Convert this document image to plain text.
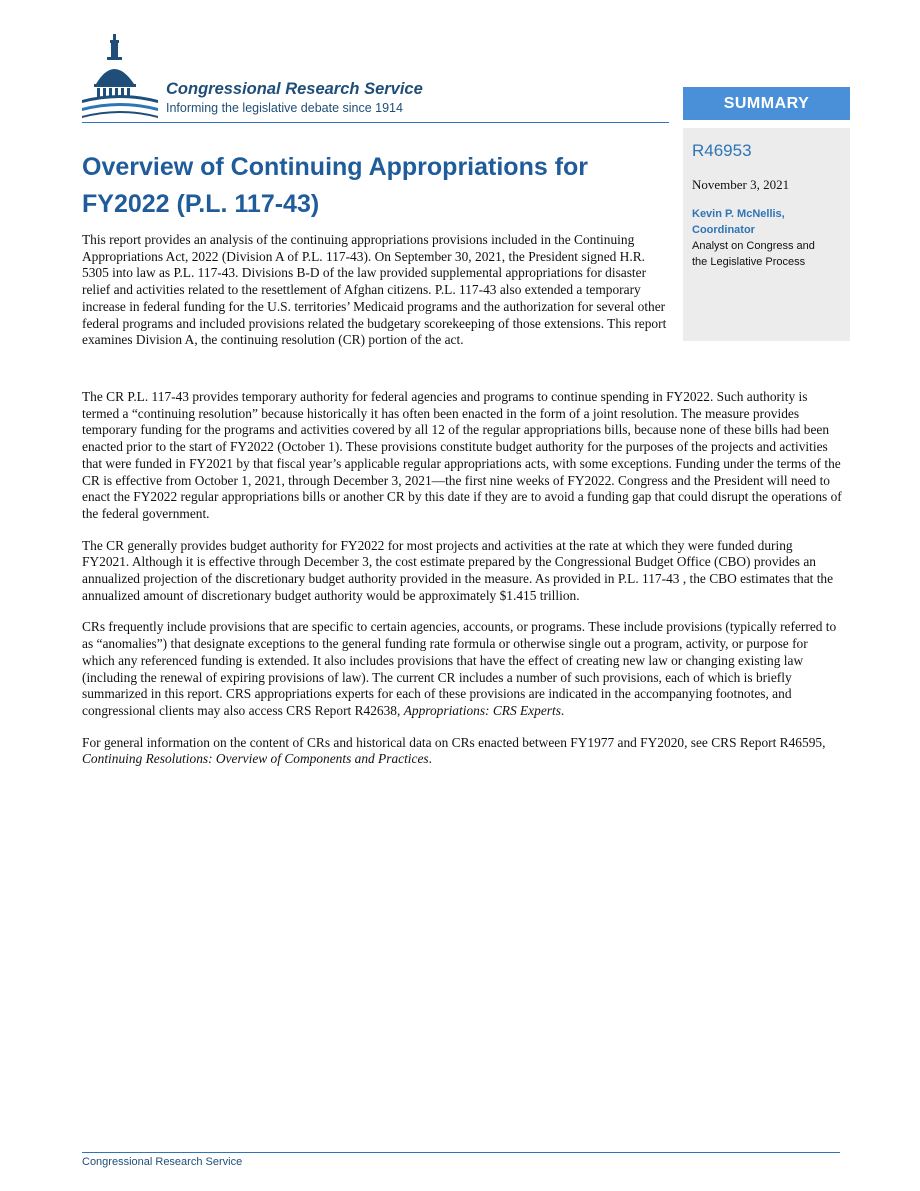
Congressional Research Service
Informing the legislative debate since 1914	SUMMARY
R46953
November 3, 2021
Kevin P. McNellis,
Coordinator
Analyst on Congress and
the Legislative Process
Overview of Continuing Appropriations for FY2022 (P.L. 117-43)

This report provides an analysis of the continuing appropriations provisions included in the Continuing Appropriations Act, 2022 (Division A of P.L. 117-43). On September 30, 2021, the President signed H.R. 5305 into law as P.L. 117-43. Divisions B-D of the law provided supplemental appropriations for disaster relief and activities related to the resettlement of Afghan citizens. P.L. 117-43 also extended a temporary increase in federal funding for the U.S. territories’ Medicaid programs and the authorization for several other federal programs and included provisions related the budgetary scorekeeping of those extensions. This report examines Division A, the continuing resolution (CR) portion of the act.

The CR P.L. 117-43 provides temporary authority for federal agencies and programs to continue spending in FY2022. Such authority is termed a “continuing resolution” because historically it has often been enacted in the form of a joint resolution. The measure provides temporary funding for the programs and activities covered by all 12 of the regular appropriations bills, because none of these bills had been enacted prior to the start of FY2022 (October 1). These provisions constitute budget authority for the purposes of the projects and activities that were funded in FY2021 by that fiscal year’s applicable regular appropriations acts, with some exceptions. Funding under the terms of the CR is effective from October 1, 2021, through December 3, 2021—the first nine weeks of FY2022. Congress and the President will need to enact the FY2022 regular appropriations bills or another CR by this date if they are to avoid a funding gap that could disrupt the operations of the federal government.

The CR generally provides budget authority for FY2022 for most projects and activities at the rate at which they were funded during FY2021. Although it is effective through December 3, the cost estimate prepared by the Congressional Budget Office (CBO) provides an annualized projection of the discretionary budget authority provided in the measure. As provided in P.L. 117-43 , the CBO estimates that the annualized amount of discretionary budget authority would be approximately $1.415 trillion.

CRs frequently include provisions that are specific to certain agencies, accounts, or programs. These include provisions (typically referred to as “anomalies”) that designate exceptions to the general funding rate formula or otherwise single out a program, activity, or purpose for which any referenced funding is extended. It also includes provisions that have the effect of creating new law or changing existing law (including the renewal of expiring provisions of law). The current CR includes a number of such provisions, each of which is briefly summarized in this report. CRS appropriations experts for each of these provisions are indicated in the accompanying footnotes, and congressional clients may also access CRS Report R42638, Appropriations: CRS Experts.

For general information on the content of CRs and historical data on CRs enacted between FY1977 and FY2020, see CRS Report R46595, Continuing Resolutions: Overview of Components and Practices.

Congressional Research Service
